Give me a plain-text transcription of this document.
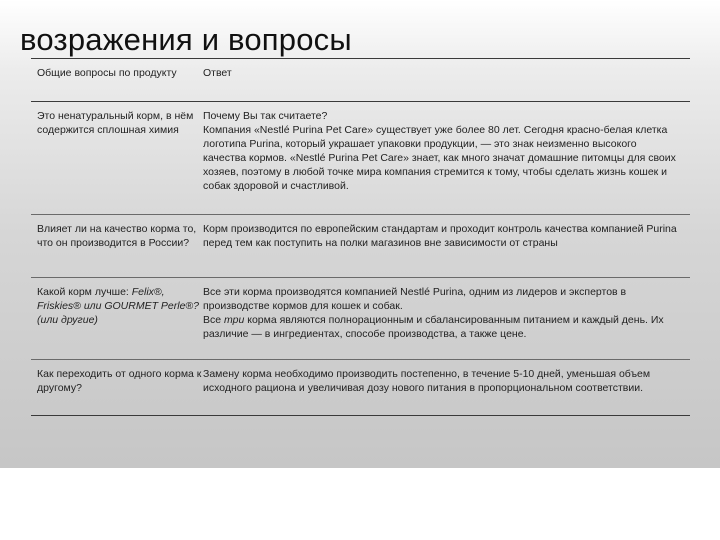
возражения и вопросы
Общие вопросы по продукту	Ответ

Это ненатуральный корм, в нём содержится сплошная химия	Почему Вы так считаете?
Компания «Nestlé Purina Pet Care» существует уже более 80 лет. Сегодня красно-белая клетка логотипа Purina, который украшает упаковки продукции, — это знак неизменно высокого качества кормов. «Nestlé Purina Pet Care» знает, как много значат домашние питомцы для своих хозяев, поэтому в любой точке мира компания стремится к тому, чтобы сделать жизнь кошек и собак здоровой и счастливой.

Влияет ли на качество корма то, что он производится в России?	Корм производится по европейским стандартам и проходит контроль качества компанией Purina перед тем как поступить на полки магазинов вне зависимости от страны

Какой корм лучше: Felix®, Friskies® или GOURMET Perle®? (или другие)	Все эти корма производятся компанией Nestlé Purina, одним из лидеров и экспертов в производстве кормов для кошек и собак.
Все три корма являются полнорационным и сбалансированным питанием и каждый день. Их различие — в ингредиентах, способе производства, а также цене.

Как переходить от одного корма к другому?	Замену корма необходимо производить постепенно, в течение 5-10 дней, уменьшая объем исходного рациона и увеличивая дозу нового питания в пропорциональном соответствии.
